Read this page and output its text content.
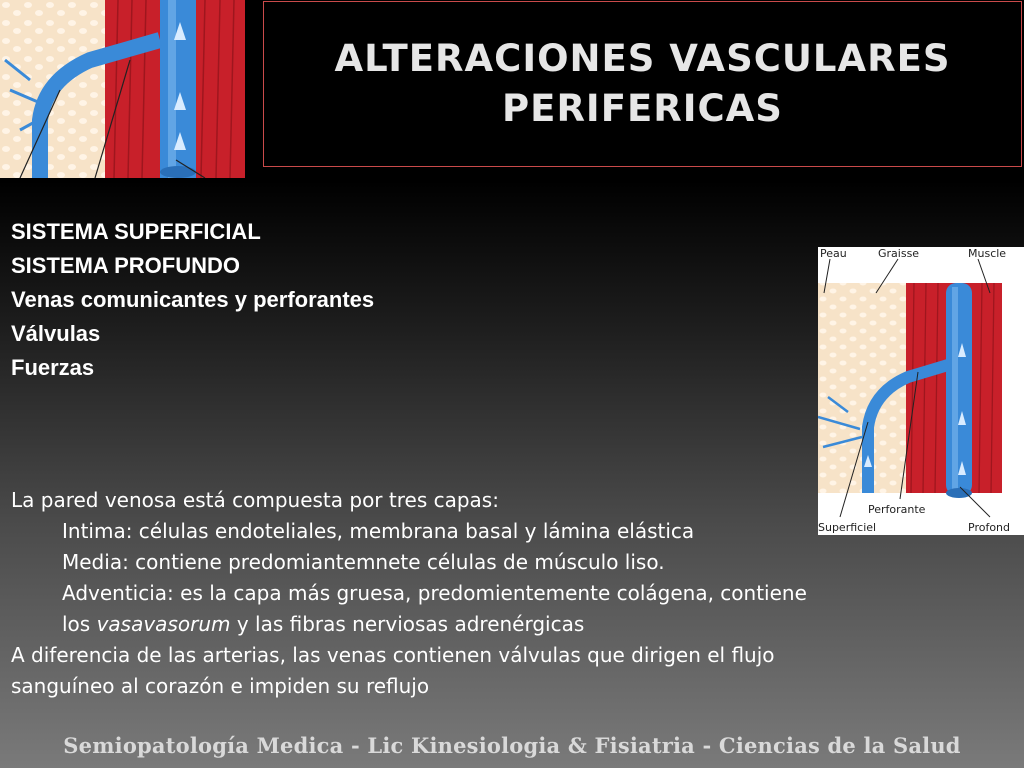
ALTERACIONES VASCULARES
PERIFERICAS
SISTEMA SUPERFICIAL
SISTEMA PROFUNDO
Venas comunicantes y perforantes
Válvulas
Fuerzas
Peau	Graisse	Muscle
Perforante
Superficiel	Profond
La pared venosa está compuesta por tres capas:
Intima: células endoteliales, membrana basal y lámina elástica
Media: contiene predomiantemnete células de músculo liso.
Adventicia: es la capa más gruesa, predomientemente colágena, contiene
los vasavasorum y las fibras nerviosas adrenérgicas
A diferencia de las arterias, las venas contienen válvulas que dirigen el flujo
sanguíneo al corazón e impiden su reflujo
Semiopatología Medica - Lic Kinesiologia & Fisiatria - Ciencias de la Salud
